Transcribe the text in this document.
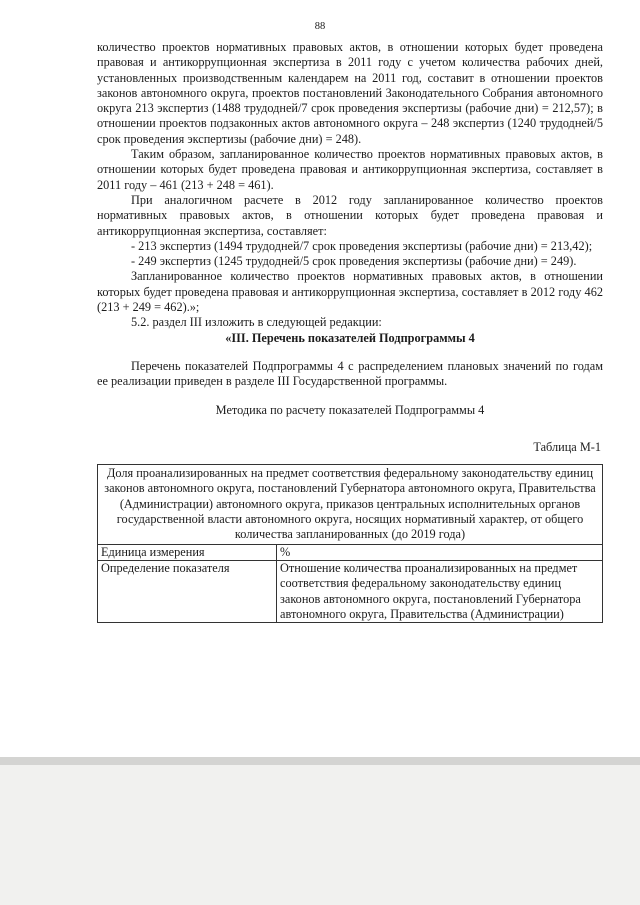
88

количество проектов нормативных правовых актов, в отношении которых будет проведена правовая и антикоррупционная экспертиза в 2011 году с учетом количества рабочих дней, установленных производственным календарем на 2011 год, составит в отношении проектов законов автономного округа, проектов постановлений Законодательного Собрания автономного округа 213 экспертиз (1488 трудодней/7 срок проведения экспертизы (рабочие дни) = 212,57); в отношении проектов подзаконных актов автономного округа – 248 экспертиз (1240 трудодней/5 срок проведения экспертизы (рабочие дни) = 248).

Таким образом, запланированное количество проектов нормативных правовых актов, в отношении которых будет проведена правовая и антикоррупционная экспертиза, составляет в 2011 году – 461 (213 + 248 = 461).

При аналогичном расчете в 2012 году запланированное количество проектов нормативных правовых актов, в отношении которых будет проведена правовая и антикоррупционная экспертиза, составляет:

- 213 экспертиз (1494 трудодней/7 срок проведения экспертизы (рабочие дни) = 213,42);

- 249 экспертиз (1245 трудодней/5 срок проведения экспертизы (рабочие дни) = 249).

Запланированное количество проектов нормативных правовых актов, в отношении которых будет проведена правовая и антикоррупционная экспертиза, составляет в 2012 году 462 (213 + 249 = 462).»;

5.2. раздел III изложить в следующей редакции:

«III. Перечень показателей Подпрограммы 4

Перечень показателей Подпрограммы 4 с распределением плановых значений по годам ее реализации приведен в разделе III Государственной программы.

Методика по расчету показателей Подпрограммы 4

Таблица М-1

Доля проанализированных на предмет соответствия федеральному законодательству единиц законов автономного округа, постановлений Губернатора автономного округа, Правительства (Администрации) автономного округа, приказов центральных исполнительных органов государственной власти автономного округа, носящих нормативный характер, от общего количества запланированных (до 2019 года)	
Единица измерения	%
Определение показателя	Отношение количества проанализированных на предмет соответствия федеральному законодательству единиц законов автономного округа, постановлений Губернатора автономного округа, Правительства (Администрации)
